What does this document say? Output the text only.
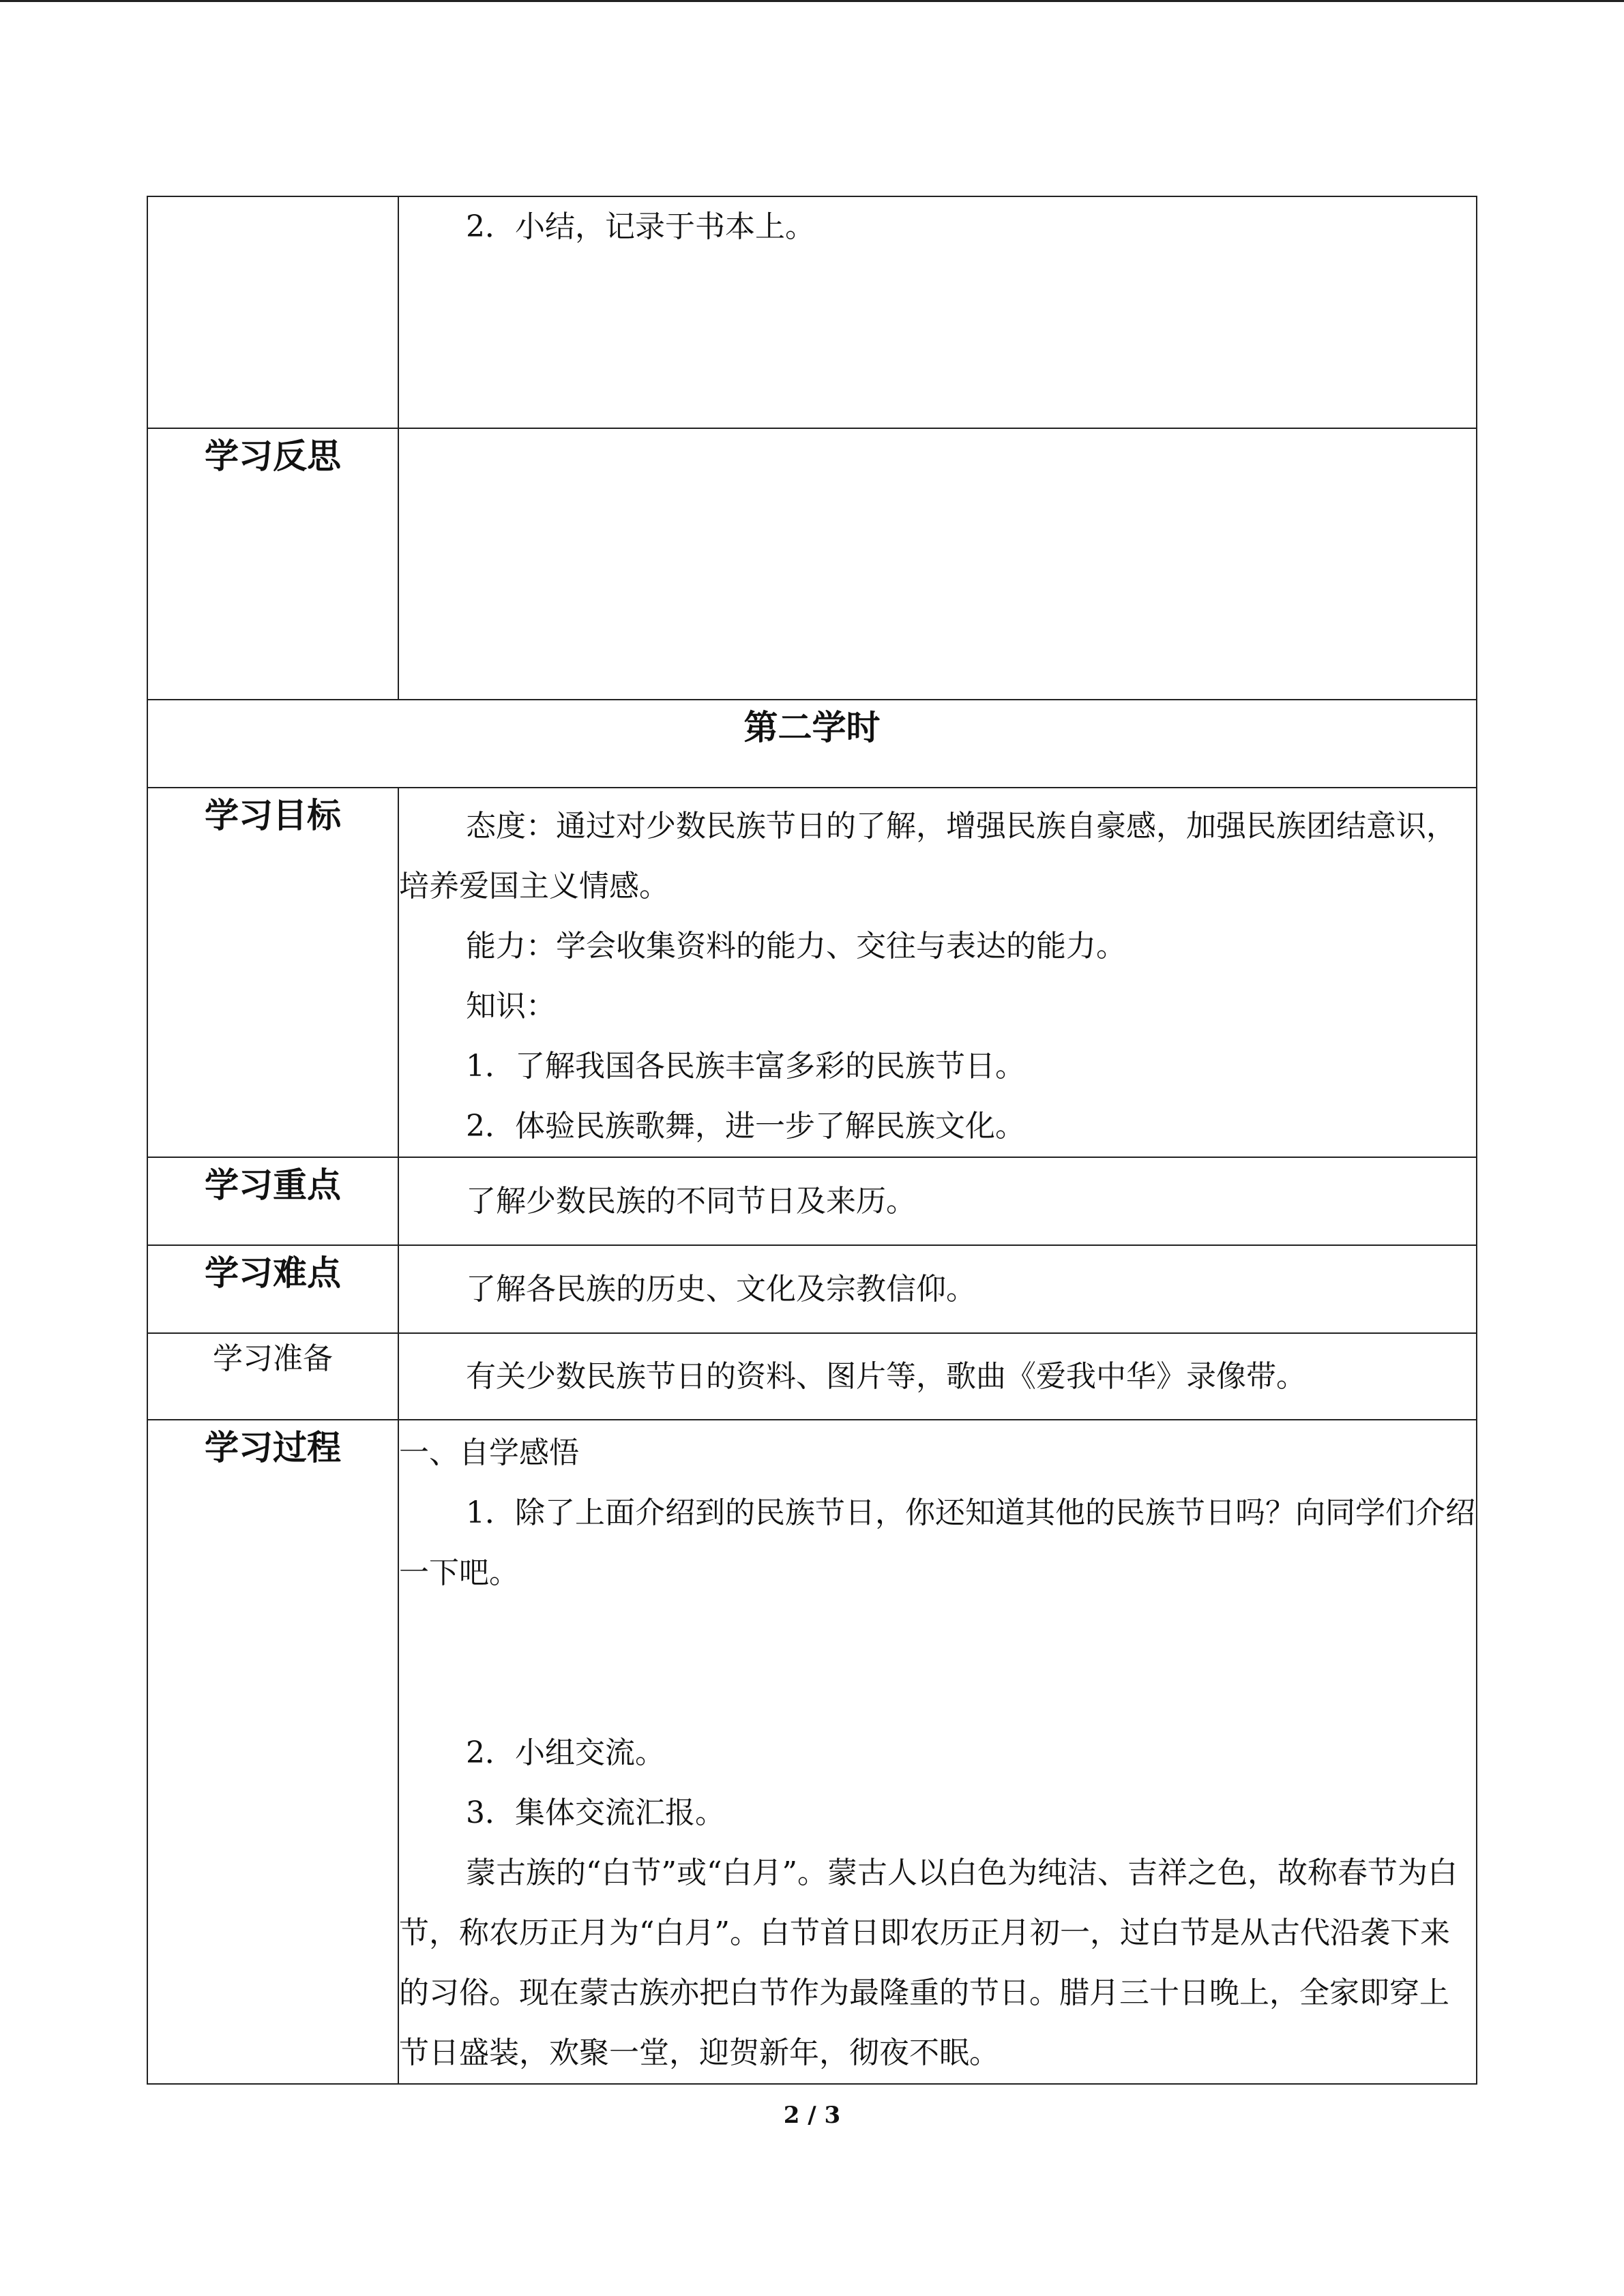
	2．小结，记录于书本上。

学习反思	
第二学时	
学习目标	态度：通过对少数民族节日的了解，增强民族自豪感，加强民族团结意识，培养爱国主义情感。

能力：学会收集资料的能力、交往与表达的能力。

知识：

1．了解我国各民族丰富多彩的民族节日。

2．体验民族歌舞，进一步了解民族文化。

学习重点	了解少数民族的不同节日及来历。

学习难点	了解各民族的历史、文化及宗教信仰。

学习准备	有关少数民族节日的资料、图片等，歌曲《爱我中华》录像带。

学习过程	一、自学感悟

1．除了上面介绍到的民族节日，你还知道其他的民族节日吗？向同学们介绍一下吧。

2．小组交流。

3．集体交流汇报。

蒙古族的“白节”或“白月”。蒙古人以白色为纯洁、吉祥之色，故称春节为白节，称农历正月为“白月”。白节首日即农历正月初一，过白节是从古代沿袭下来的习俗。现在蒙古族亦把白节作为最隆重的节日。腊月三十日晚上，全家即穿上节日盛装，欢聚一堂，迎贺新年，彻夜不眠。

2 / 3
